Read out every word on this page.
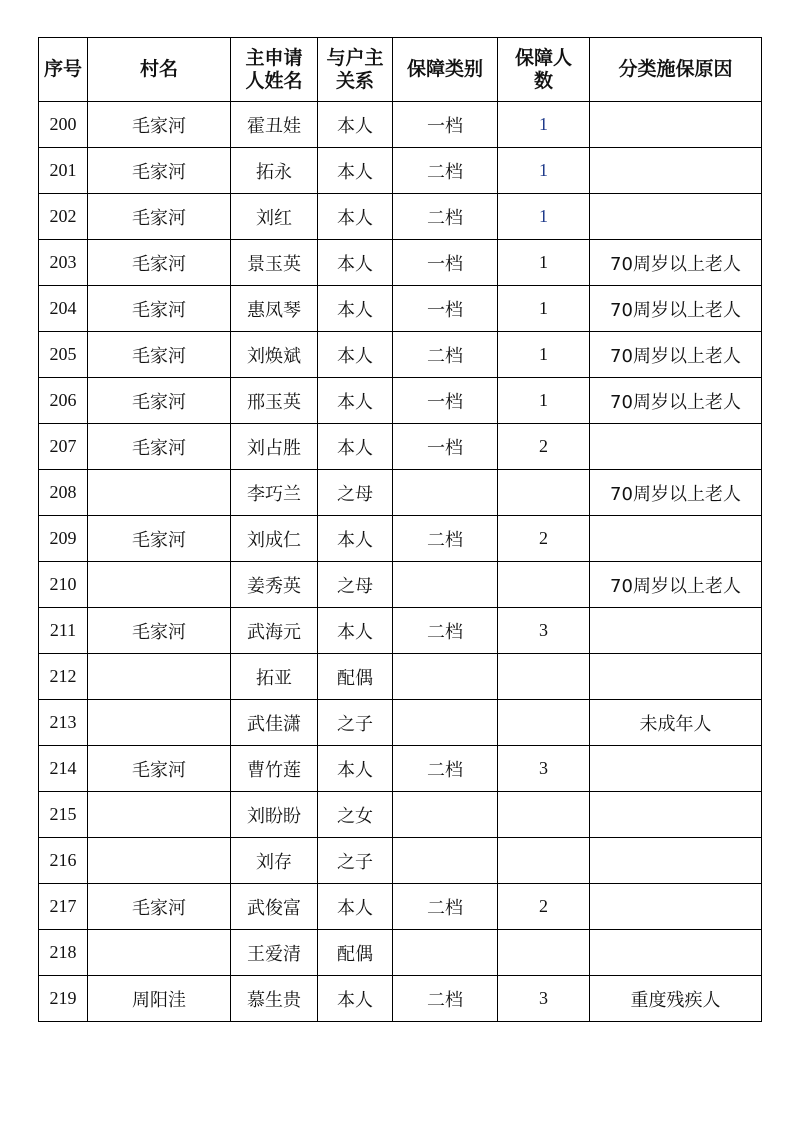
序号	村名	主申请人姓名	与户主关系	保障类别	保障人数	分类施保原因
200	毛家河	霍丑娃	本人	一档	1	
201	毛家河	拓永	本人	二档	1	
202	毛家河	刘红	本人	二档	1	
203	毛家河	景玉英	本人	一档	1	70周岁以上老人
204	毛家河	惠凤琴	本人	一档	1	70周岁以上老人
205	毛家河	刘焕斌	本人	二档	1	70周岁以上老人
206	毛家河	邢玉英	本人	一档	1	70周岁以上老人
207	毛家河	刘占胜	本人	一档	2	
208		李巧兰	之母			70周岁以上老人
209	毛家河	刘成仁	本人	二档	2	
210		姜秀英	之母			70周岁以上老人
211	毛家河	武海元	本人	二档	3	
212		拓亚	配偶			
213		武佳潇	之子			未成年人
214	毛家河	曹竹莲	本人	二档	3	
215		刘盼盼	之女			
216		刘存	之子			
217	毛家河	武俊富	本人	二档	2	
218		王爱清	配偶			
219	周阳洼	慕生贵	本人	二档	3	重度残疾人
